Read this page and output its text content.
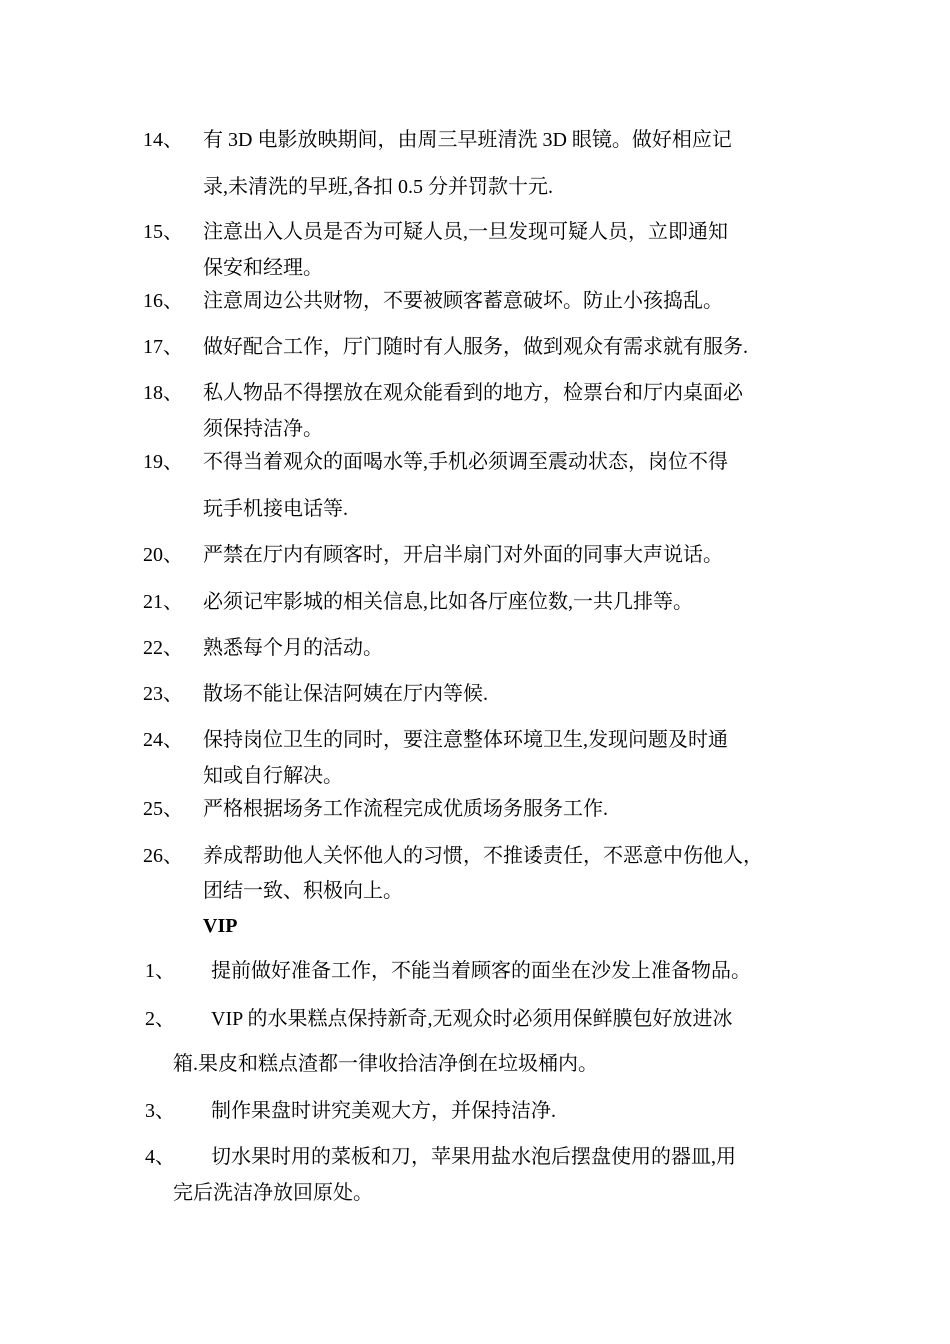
14、 有 3D 电影放映期间，由周三早班清洗 3D 眼镜。做好相应记
录,未清洗的早班,各扣 0.5 分并罚款十元.
15、 注意出入人员是否为可疑人员,一旦发现可疑人员，立即通知
保安和经理。
16、 注意周边公共财物，不要被顾客蓄意破坏。防止小孩捣乱。
17、 做好配合工作，厅门随时有人服务，做到观众有需求就有服务.
18、 私人物品不得摆放在观众能看到的地方，检票台和厅内桌面必
须保持洁净。
19、 不得当着观众的面喝水等,手机必须调至震动状态，岗位不得
玩手机接电话等.
20、 严禁在厅内有顾客时，开启半扇门对外面的同事大声说话。
21、 必须记牢影城的相关信息,比如各厅座位数,一共几排等。
22、 熟悉每个月的活动。
23、 散场不能让保洁阿姨在厅内等候.
24、 保持岗位卫生的同时，要注意整体环境卫生,发现问题及时通
知或自行解决。
25、 严格根据场务工作流程完成优质场务服务工作.
26、 养成帮助他人关怀他人的习惯，不推诿责任，不恶意中伤他人，
团结一致、积极向上。
VIP
1、 提前做好准备工作，不能当着顾客的面坐在沙发上准备物品。
2、 VIP 的水果糕点保持新奇,无观众时必须用保鲜膜包好放进冰
箱.果皮和糕点渣都一律收拾洁净倒在垃圾桶内。
3、 制作果盘时讲究美观大方，并保持洁净.
4、 切水果时用的菜板和刀，苹果用盐水泡后摆盘使用的器皿,用
完后洗洁净放回原处。
